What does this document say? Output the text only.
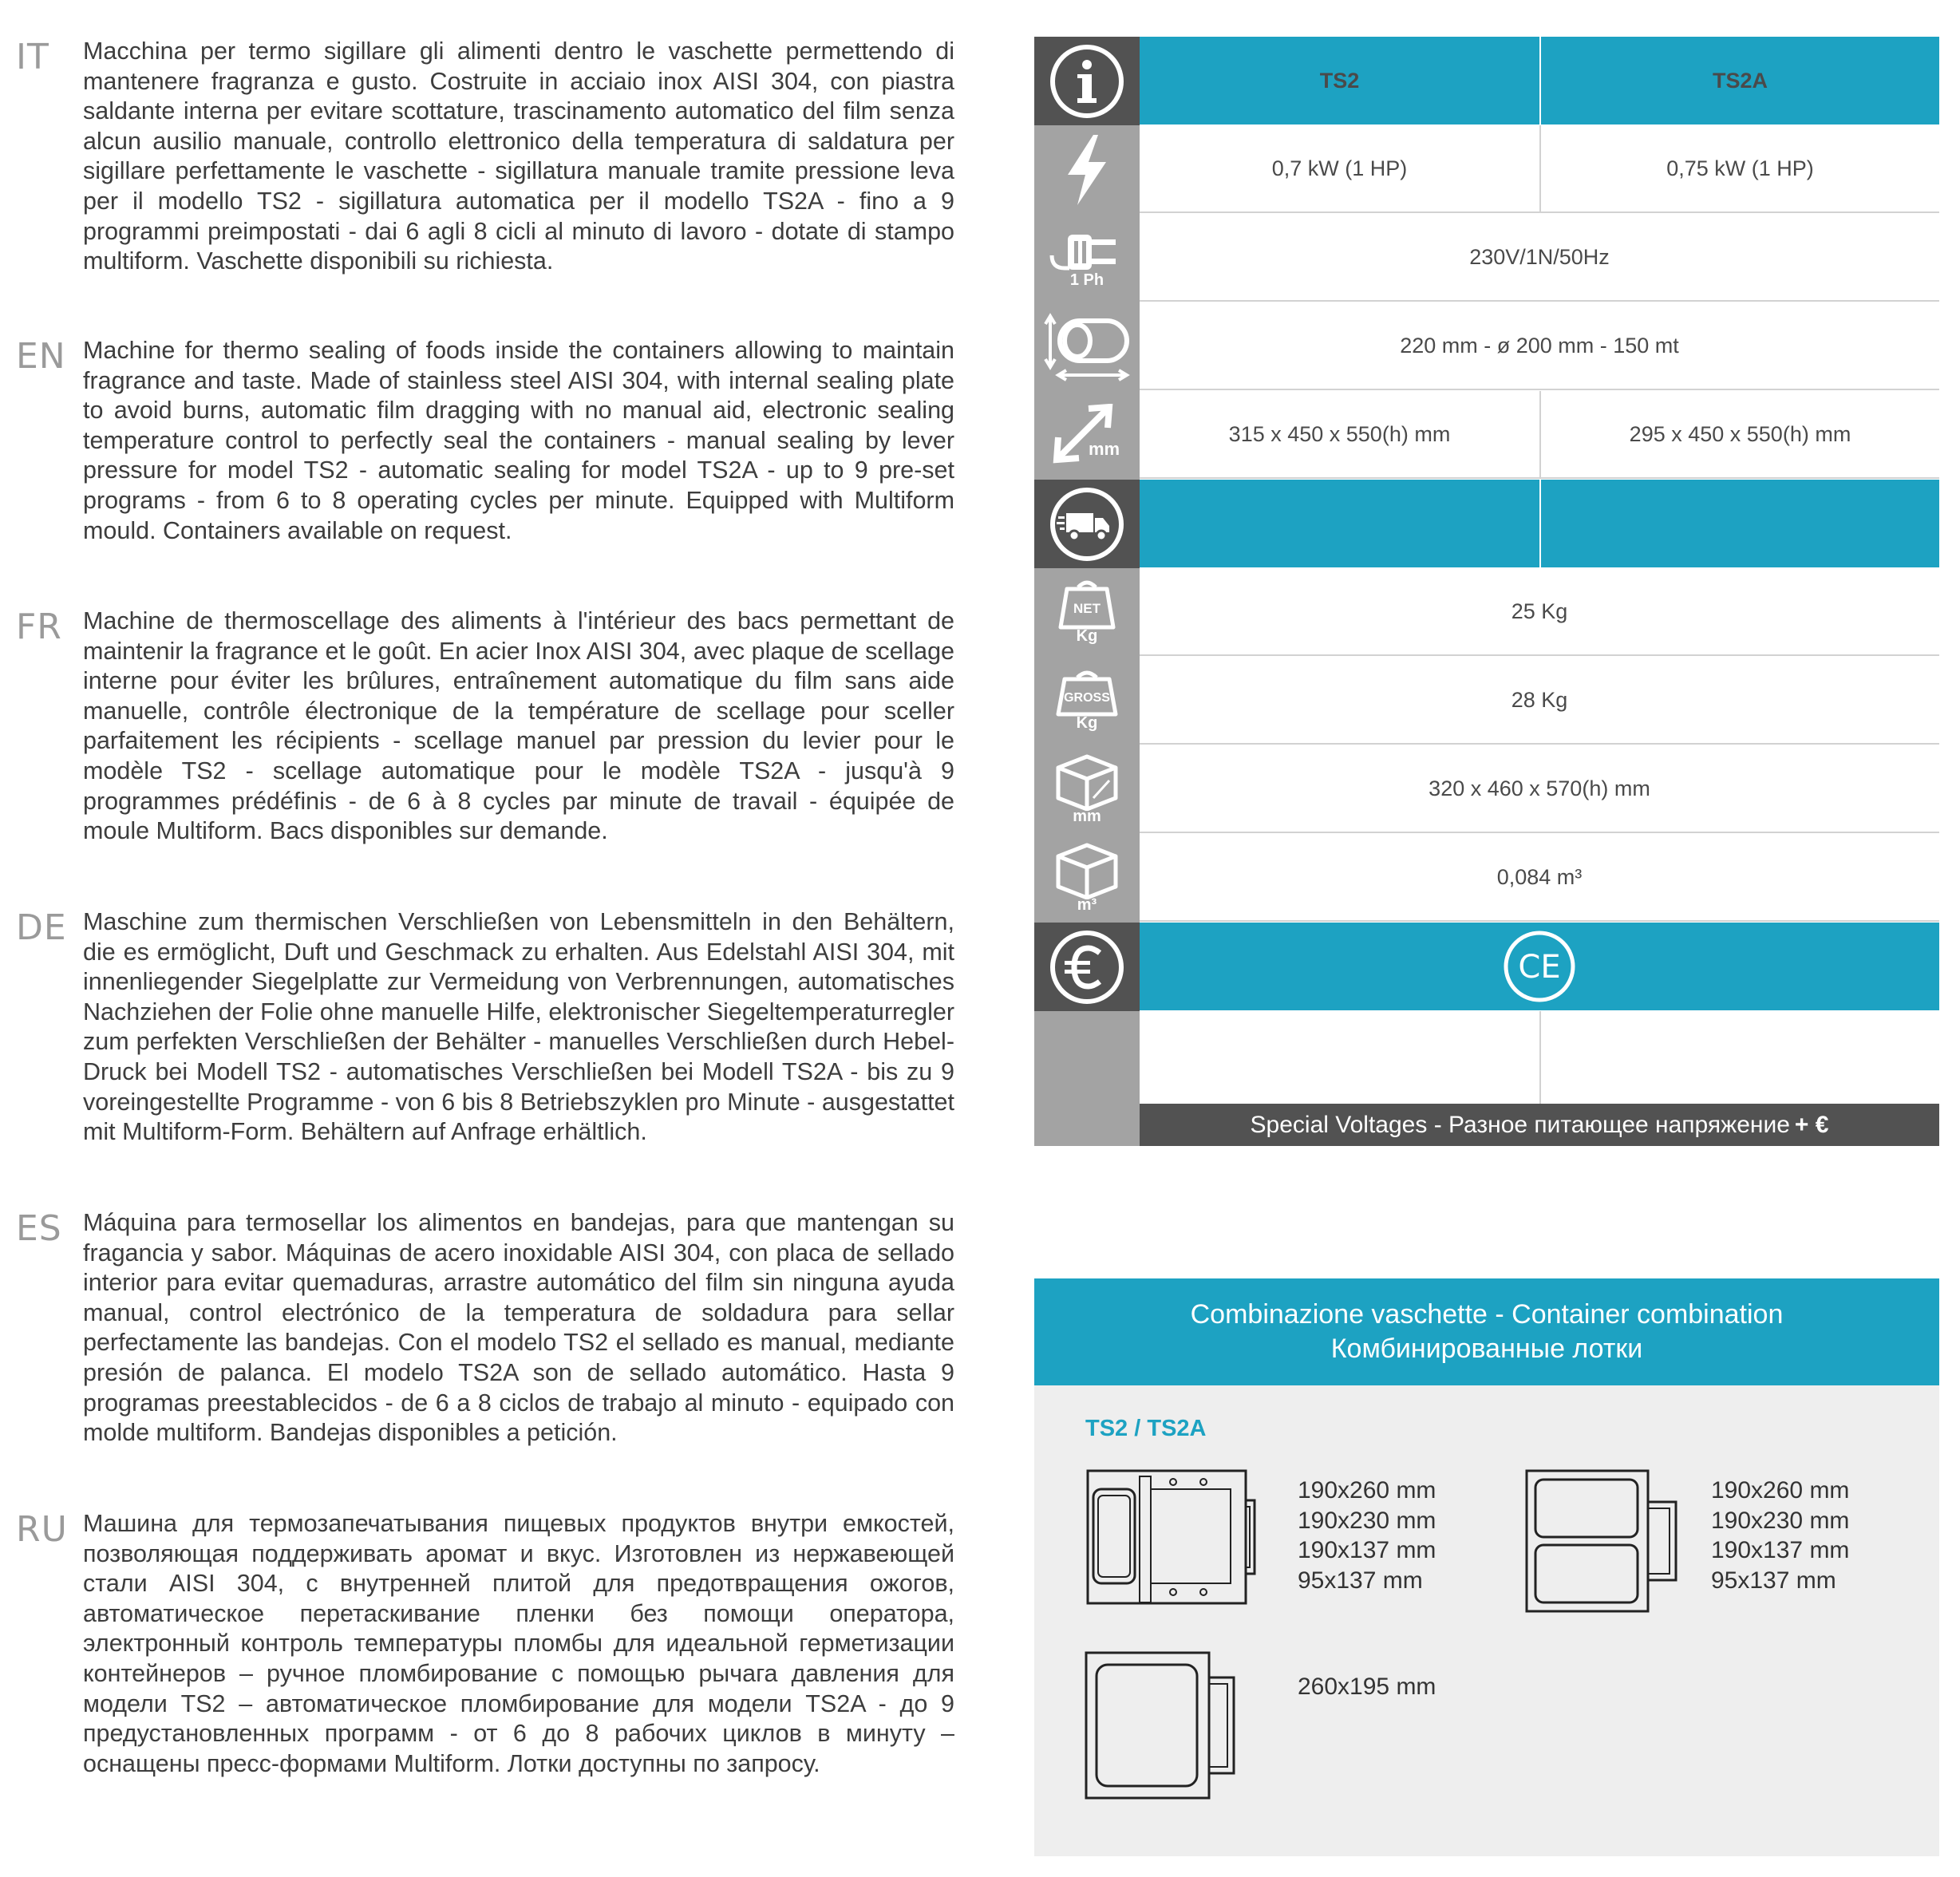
IT Macchina per termo sigillare gli alimenti dentro le vaschette permettendo di mantenere fragranza e gusto. Costruite in acciaio inox AISI 304, con piastra saldante interna per evitare scottature, trascinamento automatico del film senza alcun ausilio manuale, controllo elettronico della temperatura di saldatura per sigillare perfettamente le vaschette - sigillatura manuale tramite pressione leva per il modello TS2 - sigillatura automatica per il modello TS2A - fino a 9 programmi preimpostati - dai 6 agli 8 cicli al minuto di lavoro - dotate di stampo multiform. Vaschette disponibili su richiesta.
EN Machine for thermo sealing of foods inside the containers allowing to maintain fragrance and taste. Made of stainless steel AISI 304, with internal sealing plate to avoid burns, automatic film dragging with no manual aid, electronic sealing temperature control to perfectly seal the containers - manual sealing by lever pressure for model TS2 - automatic sealing for model TS2A - up to 9 pre-set programs - from 6 to 8 operating cycles per minute. Equipped with Multiform mould. Containers available on request.
FR Machine de thermoscellage des aliments à l'intérieur des bacs permettant de maintenir la fragrance et le goût. En acier Inox AISI 304, avec plaque de scellage interne pour éviter les brûlures, entraînement automatique du film sans aide manuelle, contrôle électronique de la température de scellage pour sceller parfaitement les récipients - scellage manuel par pression du levier pour le modèle TS2 - scellage automatique pour le modèle TS2A - jusqu'à 9 programmes prédéfinis - de 6 à 8 cycles par minute de travail - équipée de moule Multiform. Bacs disponibles sur demande.
DE Maschine zum thermischen Verschließen von Lebensmitteln in den Behältern, die es ermöglicht, Duft und Geschmack zu erhalten. Aus Edelstahl AISI 304, mit innenliegender Siegelplatte zur Vermeidung von Verbrennungen, automatisches Nachziehen der Folie ohne manuelle Hilfe, elektronischer Siegeltemperaturregler zum perfekten Verschließen der Behälter - manuelles Verschließen durch Hebel-Druck bei Modell TS2 - automatisches Verschließen bei Modell TS2A - bis zu 9 voreingestellte Programme - von 6 bis 8 Betriebszyklen pro Minute - ausgestattet mit Multiform-Form. Behältern auf Anfrage erhältlich.
ES Máquina para termosellar los alimentos en bandejas, para que mantengan su fragancia y sabor. Máquinas de acero inoxidable AISI 304, con placa de sellado interior para evitar quemaduras, arrastre automático del film sin ninguna ayuda manual, control electrónico de la temperatura de soldadura para sellar perfectamente las bandejas. Con el modelo TS2 el sellado es manual, mediante presión de palanca. El modelo TS2A son de sellado automático. Hasta 9 programas preestablecidos - de 6 a 8 ciclos de trabajo al minuto - equipado con molde multiform. Bandejas disponibles a petición.
RU Машина для термозапечатывания пищевых продуктов внутри емкостей, позволяющая поддерживать аромат и вкус. Изготовлен из нержавеющей стали AISI 304, с внутренней плитой для предотвращения ожогов, автоматическое перетаскивание пленки без помощи оператора, электронный контроль температуры пломбы для идеальной герметизации контейнеров – ручное пломбирование с помощью рычага давления для модели TS2 – автоматическое пломбирование для модели TS2A - до 9 предустановленных программ - от 6 до 8 рабочих циклов в минуту – оснащены пресс-формами Multiform. Лотки доступны по запросу.
TS2	TS2A
0,7 kW (1 HP)	0,75 kW (1 HP)
1 Ph
230V/1N/50Hz
220 mm - ø 200 mm - 150 mt
mm
315 x 450 x 550(h) mm	295 x 450 x 550(h) mm
NET
Kg
25 Kg
GROSS
Kg
28 Kg
mm
320 x 460 x 570(h) mm
m³
0,084 m³
CE
Special Voltages - Разное питающее напряжение + €
Combinazione vaschette - Container combination
Комбинированные лотки
TS2 / TS2A
190x260 mm
190x230 mm
190x137 mm
95x137 mm
190x260 mm
190x230 mm
190x137 mm
95x137 mm
260x195 mm
